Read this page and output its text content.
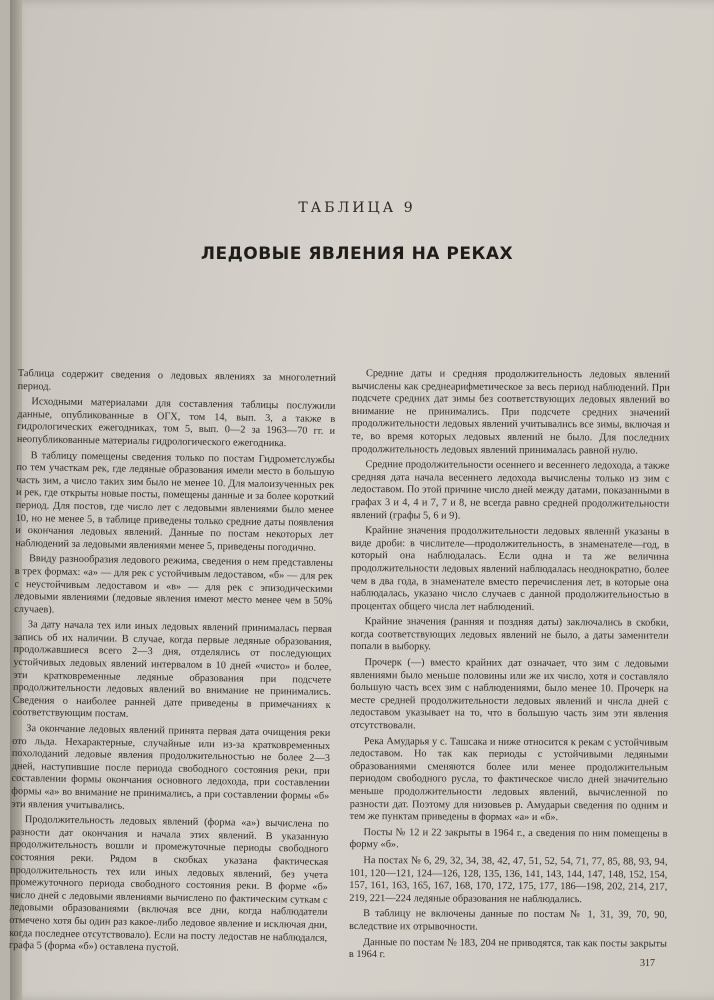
ТАБЛИЦА 9
ЛЕДОВЫЕ ЯВЛЕНИЯ НА РЕКАХ

Таблица содержит сведения о ледовых явлениях за многолетний период.

Исходными материалами для составления таблицы послужили данные, опубликованные в ОГХ, том 14, вып. 3, а также в гидрологических ежегодниках, том 5, вып. 0—2 за 1963—70 гг. и неопубликованные материалы гидрологического ежегодника.

В таблицу помещены сведения только по постам Гидрометслужбы по тем участкам рек, где ледяные образования имели место в большую часть зим, а число таких зим было не менее 10. Для малоизученных рек и рек, где открыты новые посты, помещены данные и за более короткий период. Для постов, где число лет с ледовыми явлениями было менее 10, но не менее 5, в таблице приведены только средние даты появления и окончания ледовых явлений. Данные по постам некоторых лет наблюдений за ледовыми явлениями менее 5, приведены погодично.

Ввиду разнообразия ледового режима, сведения о нем представлены в трех формах: «а» — для рек с устойчивым ледоставом, «б» — для рек с неустойчивым ледоставом и «в» — для рек с эпизодическими ледовыми явлениями (ледовые явления имеют место менее чем в 50% случаев).

За дату начала тех или иных ледовых явлений принималась первая запись об их наличии. В случае, когда первые ледяные образования, продолжавшиеся всего 2—3 дня, отделялись от последующих устойчивых ледовых явлений интервалом в 10 дней «чисто» и более, эти кратковременные ледяные образования при подсчете продолжительности ледовых явлений во внимание не принимались. Сведения о наиболее ранней дате приведены в примечаниях к соответствующим постам.

За окончание ледовых явлений принята первая дата очищения реки ото льда. Нехарактерные, случайные или из-за кратковременных похолоданий ледовые явления продолжительностью не более 2—3 дней, наступившие после периода свободного состояния реки, при составлении формы окончания основного ледохода, при составлении формы «а» во внимание не принимались, а при составлении формы «б» эти явления учитывались.

Продолжительность ледовых явлений (форма «а») вычислена по разности дат окончания и начала этих явлений. В указанную продолжительность вошли и промежуточные периоды свободного состояния реки. Рядом в скобках указана фактическая продолжительность тех или иных ледовых явлений, без учета промежуточного периода свободного состояния реки. В форме «б» число дней с ледовыми явлениями вычислено по фактическим суткам с ледовыми образованиями (включая все дни, когда наблюдатели отмечено хотя бы один раз какое-либо ледовое явление и исключая дни, когда последнее отсутствовало). Если на посту ледостав не наблюдался, графа 5 (форма «б») оставлена пустой.

Средние даты и средняя продолжительность ледовых явлений вычислены как среднеарифметическое за весь период наблюдений. При подсчете средних дат зимы без соответствующих ледовых явлений во внимание не принимались. При подсчете средних значений продолжительности ледовых явлений учитывались все зимы, включая и те, во время которых ледовых явлений не было. Для последних продолжительность ледовых явлений принималась равной нулю.

Средние продолжительности осеннего и весеннего ледохода, а также средняя дата начала весеннего ледохода вычислены только из зим с ледоставом. По этой причине число дней между датами, показанными в графах 3 и 4, 4 и 7, 7 и 8, не всегда равно средней продолжительности явлений (графы 5, 6 и 9).

Крайние значения продолжительности ледовых явлений указаны в виде дроби: в числителе—продолжительность, в знаменателе—год, в который она наблюдалась. Если одна и та же величина продолжительности ледовых явлений наблюдалась неоднократно, более чем в два года, в знаменателе вместо перечисления лет, в которые она наблюдалась, указано число случаев с данной продолжительностью в процентах общего числа лет наблюдений.

Крайние значения (ранняя и поздняя даты) заключались в скобки, когда соответствующих ледовых явлений не было, а даты заменители попали в выборку.

Прочерк (—) вместо крайних дат означает, что зим с ледовыми явлениями было меньше половины или же их число, хотя и составляло большую часть всех зим с наблюдениями, было менее 10. Прочерк на месте средней продолжительности ледовых явлений и числа дней с ледоставом указывает на то, что в большую часть зим эти явления отсутствовали.

Река Амударья у с. Ташсака и ниже относится к рекам с устойчивым ледоставом. Но так как периоды с устойчивыми ледяными образованиями сменяются более или менее продолжительным периодом свободного русла, то фактическое число дней значительно меньше продолжительности ледовых явлений, вычисленной по разности дат. Поэтому для низовьев р. Амударьи сведения по одним и тем же пунктам приведены в формах «а» и «б».

Посты № 12 и 22 закрыты в 1964 г., а сведения по ним помещены в форму «б».

На постах № 6, 29, 32, 34, 38, 42, 47, 51, 52, 54, 71, 77, 85, 88, 93, 94, 101, 120—121, 124—126, 128, 135, 136, 141, 143, 144, 147, 148, 152, 154, 157, 161, 163, 165, 167, 168, 170, 172, 175, 177, 186—198, 202, 214, 217, 219, 221—224 ледяные образования не наблюдались.

В таблицу не включены данные по постам № 1, 31, 39, 70, 90, вследствие их отрывочности.

Данные по постам № 183, 204 не приводятся, так как посты закрыты в 1964 г.

317
